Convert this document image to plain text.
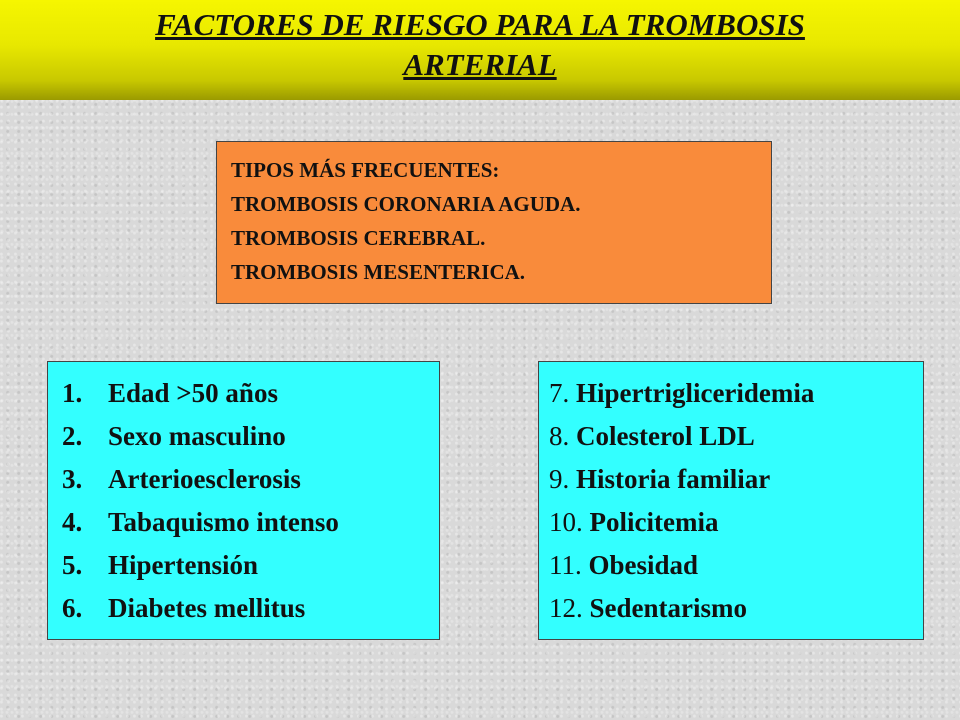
FACTORES DE RIESGO PARA LA TROMBOSIS
ARTERIAL
TIPOS MÁS FRECUENTES:
TROMBOSIS CORONARIA AGUDA.
TROMBOSIS CEREBRAL.
TROMBOSIS MESENTERICA.
1. Edad >50 años
2. Sexo masculino
3. Arterioesclerosis
4. Tabaquismo intenso
5. Hipertensión
6. Diabetes mellitus
7. Hipertrigliceridemia
8. Colesterol LDL
9. Historia familiar
10. Policitemia
11. Obesidad
12. Sedentarismo
